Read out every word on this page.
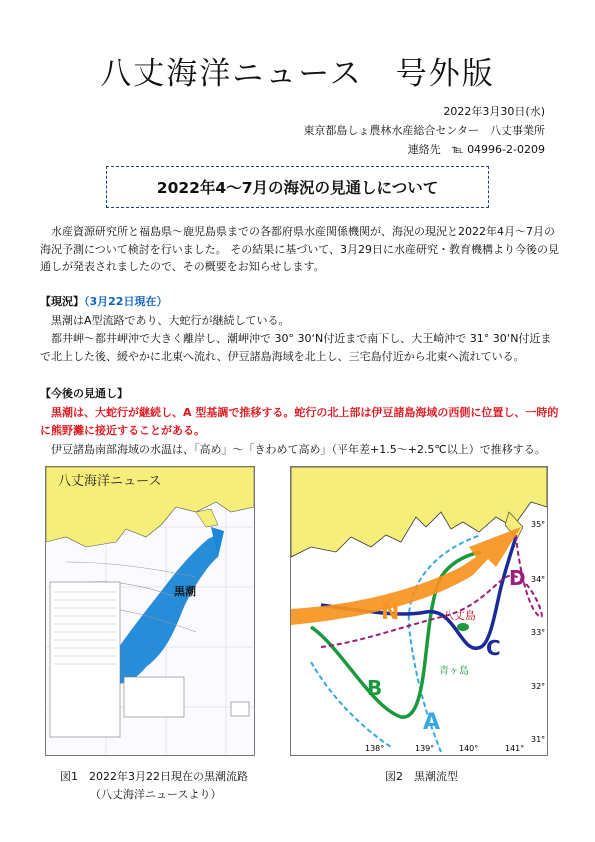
八丈海洋ニュース　号外版
2022年3月30日(水)
東京都島しょ農林水産総合センター　八丈事業所
連絡先　℡ 04996-2-0209
2022年4～7月の海況の見通しについて
水産資源研究所と福島県～鹿児島県までの各都府県水産関係機関が、海況の現況と2022年4月～7月の海況予測について検討を行いました。 その結果に基づいて、3月29日に水産研究・教育機構より今後の見通しが発表されましたので、その概要をお知らせします。
【現況】（3月22日現在）
黒潮はA型流路であり、大蛇行が継続している。
都井岬～都井岬沖で大きく離岸し、潮岬沖で 30° 30‘N付近まで南下し、大王崎沖で 31° 30‘N付近まで北上した後、緩やかに北東へ流れ、伊豆諸島海域を北上し、三宅島付近から北東へ流れている。
【今後の見通し】
黒潮は、大蛇行が継続し、A 型基調で推移する。蛇行の北上部は伊豆諸島海域の西側に位置し、一時的に熊野灘に接近することがある。
伊豆諸島南部海域の水温は、「高め」～「きわめて高め」（平年差+1.5～+2.5℃以上）で推移する。
八丈海洋ニュース
黒潮
図1　2022年3月22日現在の黒潮流路
（八丈海洋ニュースより）
N
A
B
C
D
八丈島
青ヶ島
35°
34°
33°
32°
31°
138°	139°	140°	141°
図2　黒潮流型
